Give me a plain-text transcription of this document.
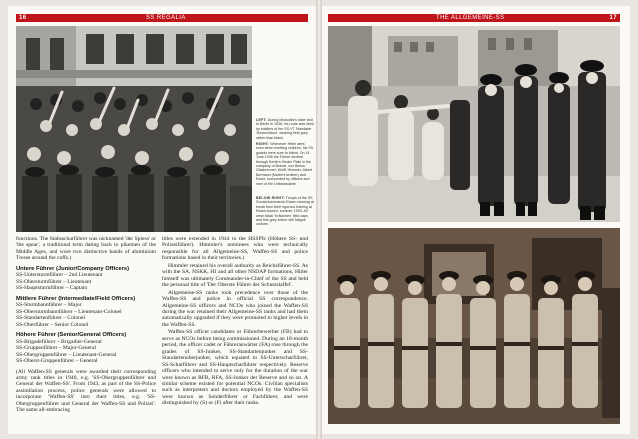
16	SS REGALIA
LEFT: During Mussolini's state visit to Berlin in 1936, his route was lined by soldiers of the SS-VT Standarte 'Deutschland', wearing field-grey rather than black.
RIGHT: Whenever Hitler went, even when meeting children, his SS guards were sure to follow. On 14 June 1936 the Führer strolled through Berlin's Kinder Platz in the company of Brandt, von Below, Glasbrenner, Wolff, Himmler, Albert Bormann (Martin's brother) and Esser, surrounded by officers and men of the Leibstandarte.
BELOW RIGHT: Troops of the SS Sonderkommando Essen relaxing at break from their rigorous training at Essen-tussen, summer 1933. All wear black 'Krätzchen' field caps and this grey cotton drill fatigue uniform.

functions. The Stabsscharführer was nicknamed 'der Spiess' or 'the spear', a traditional term dating back to pikemen of the Middle Ages, and wore two distinctive bands of aluminium Tresse around the cuffs.)

Untere Führer (Junior/Company Officers)
SS-Untersturmführer – 2nd Lieutenant
SS-Obersturmführer – Lieutenant
SS-Hauptsturmführer – Captain
Mittlere Führer (Intermediate/Field Officers)
SS-Sturmbannführer – Major
SS-Obersturmbannführer – Lieutenant-Colonel
SS-Standartenführer – Colonel
SS-Oberführer – Senior Colonel
Höhere Führer (Senior/General Officers)
SS-Brigadeführer – Brigadier-General
SS-Gruppenführer – Major-General
SS-Obergruppenführer – Lieutenant-General
SS-Oberst-Gruppenführer – General

(All Waffen-SS generals were awarded their corresponding army rank titles in 1940, e.g. 'SS-Obergruppenführer und General der Waffen-SS'. From 1943, as part of the SS-Police assimilation process, police generals were allowed to incorporate 'Waffen-SS' into their titles, e.g. 'SS-Obergruppenführer und General der Waffen-SS und Polizei'. The same all-embracing

titles were extended in 1944 to the HSSPfs (Höhere SS- und Polizeiführer). Himmler's nominees who were technically responsible for all Allgemeine-SS, Waffen-SS and police formations based in their territories.)

Himmler retained his overall authority as Reichsführer-SS. As with the SA, NSKK, HJ and all other NSDAP formations, Hitler himself was ultimately Commander-in-Chief of the SS and held the personal title of 'Der Oberste Führer der Schutzstaffel'.

Allgemeine-SS ranks took precedence over those of the Waffen-SS and police in official SS correspondence. Allgemeine-SS officers and NCOs who joined the Waffen-SS during the war retained their Allgemeine-SS ranks and had them automatically upgraded if they were promoted to higher levels in the Waffen-SS.

Waffen-SS officer candidates or Führerbewerber (FB) had to serve as NCOs before being commissioned. During an 18-month period, the officer cadet or Führeranwärter (FA) rose through the grades of SS-Junker, SS-Standartenjunker and SS-Standartenoberjunker, which equated to SS-Unterscharführer, SS-Scharführer and SS-Hauptscharführer respectively. Reserve officers who intended to serve only for the duration of the war were known as RFB, RFA, SS-Junker der Reserve and so on. A similar scheme existed for potential NCOs. Civilian specialists such as interpreters and doctors employed by the Waffen-SS were known as Sonderführer or Fachführer, and were distinguished by (S) or (F) after their ranks.

THE ALLGEMEINE-SS	17
